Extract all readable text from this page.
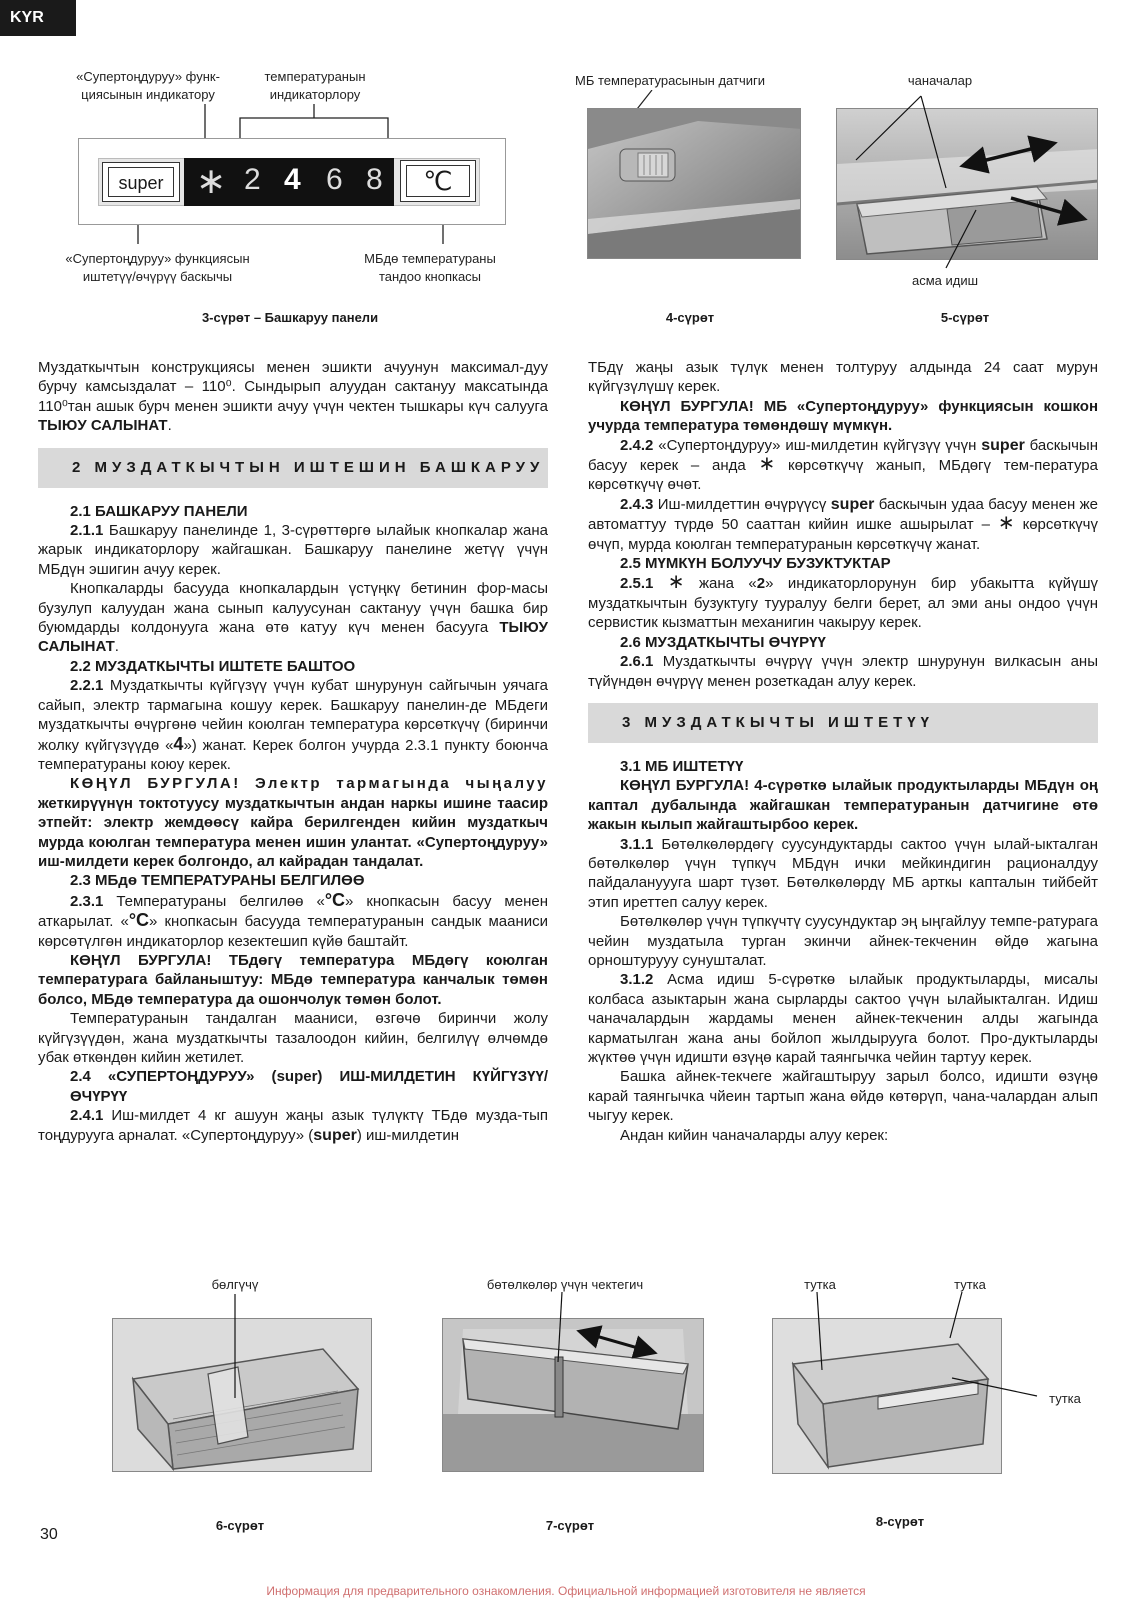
KYR
«Супертоңдуруу» функ-
циясынын индикатору
температуранын
индикаторлору
super ∗ 2 4 6 8	℃
«Супертоңдуруу» функциясын
иштетүү/өчүрүү баскычы
МБдө температураны
тандоо кнопкасы
3-сүрөт – Башкаруу панели
МБ температурасынын датчиги
4-сүрөт
чаначалар
асма идиш
5-сүрөт

Муздаткычтын конструкциясы менен эшикти ачуунун максимал-дуу бурчу камсыздалат – 110⁰. Сындырып алуудан сактануу максатында 110⁰тан ашык бурч менен эшикти ачуу үчүн чектен тышкары күч салууга ТЫЮУ САЛЫНАТ.

2 МУЗДАТКЫЧТЫН ИШТЕШИН БАШКАРУУ

2.1 БАШКАРУУ ПАНЕЛИ

2.1.1 Башкаруу панелинде 1, 3-сүрөттөргө ылайык кнопкалар жана жарык индикаторлору жайгашкан. Башкаруу панелине жетүү үчүн МБдүн эшигин ачуу керек.

Кнопкаларды басууда кнопкалардын үстүңкү бетинин фор-масы бузулуп калуудан жана сынып калуусунан сактануу үчүн башка бир буюмдарды колдонууга жана өтө катуу күч менен басууга ТЫЮУ САЛЫНАТ.

2.2 МУЗДАТКЫЧТЫ ИШТЕТЕ БАШТОО

2.2.1 Муздаткычты күйгүзүү үчүн кубат шнурунун сайгычын уячага сайып, электр тармагына кошуу керек. Башкаруу панелин-де МБдеги муздаткычты өчүргөнө чейин коюлган температура көрсөткүчү (биринчи жолку күйгүзүүдө «4») жанат. Керек болгон учурда 2.3.1 пункту боюнча температураны коюу керек.

КӨҢҮЛ БУРГУЛА! Электр тармагында чыңалуу жеткирүүнүн токтотуусу муздаткычтын андан наркы ишине таасир этпейт: электр жемдөөсү кайра берилгенден кийин муздаткыч мурда коюлган температура менен ишин улантат. «Супертоңдуруу» иш-милдети керек болгондо, ал кайрадан тандалат.

2.3 МБдө ТЕМПЕРАТУРАНЫ БЕЛГИЛӨӨ

2.3.1 Температураны белгилөө «°C» кнопкасын басуу менен аткарылат. «°C» кнопкасын басууда температуранын сандык мааниси көрсөтүлгөн индикаторлор кезектешип күйө баштайт.

КӨҢҮЛ БУРГУЛА! ТБдөгү температура МБдөгү коюлган температурага байланыштуу: МБдө температура канчалык төмөн болсо, МБдө температура да ошончолук төмөн болот.

Температуранын тандалган мааниси, өзгөчө биринчи жолу күйгүзүүдөн, жана муздаткычты тазалоодон кийин, белгилүү өлчөмдө убак өткөндөн кийин жетилет.

2.4 «СУПЕРТОҢДУРУУ» (super) ИШ-МИЛДЕТИН КҮЙГҮЗҮҮ/ ӨЧҮРҮҮ

2.4.1 Иш-милдет 4 кг ашуун жаңы азык түлүктү ТБдө музда-тып тоңдурууга арналат. «Супертоңдуруу» (super) иш-милдетин

ТБдү жаңы азык түлүк менен толтуруу алдында 24 саат мурун күйгүзүлүшү керек.

КӨҢҮЛ БУРГУЛА! МБ «Супертоңдуруу» функциясын кошкон учурда температура төмөндөшү мүмкүн.

2.4.2 «Супертоңдуруу» иш-милдетин күйгүзүү үчүн super баскычын басуу керек – анда ∗ көрсөткүчү жанып, МБдөгү тем-пература көрсөткүчү өчөт.

2.4.3 Иш-милдеттин өчүрүүсү super баскычын удаа басуу менен же автоматтуу түрдө 50 сааттан кийин ишке ашырылат – ∗ көрсөткүчү өчүп, мурда коюлган температуранын көрсөткүчү жанат.

2.5 МҮМКҮН БОЛУУЧУ БУЗУКТУКТАР

2.5.1 ∗ жана «2» индикаторлорунун бир убакытта күйүшү муздаткычтын бузуктугу тууралуу белги берет, ал эми аны ондоо үчүн сервистик кызматтын механигин чакыруу керек.

2.6 МУЗДАТКЫЧТЫ ӨЧҮРҮҮ

2.6.1 Муздаткычты өчүрүү үчүн электр шнурунун вилкасын аны түйүндөн өчүрүү менен розеткадан алуу керек.

3 МУЗДАТКЫЧТЫ ИШТЕТҮҮ

3.1 МБ ИШТЕТҮҮ

КӨҢҮЛ БУРГУЛА! 4-сүрөткө ылайык продуктыларды МБдүн оң каптал дубалында жайгашкан температуранын датчигине өтө жакын кылып жайгаштырбоо керек.

3.1.1 Бөтөлкөлөрдөгү суусундуктарды сактоо үчүн ылай-ыкталган бөтөлкөлөр үчүн түпкүч МБдүн ички мейкиндигин рационалдуу пайдалануууга шарт түзөт. Бөтөлкөлөрдү МБ арткы капталын тийбейт этип иреттеп салуу керек.

Бөтөлкөлөр үчүн түпкүчтү суусундуктар эң ыңгайлуу темпе-ратурага чейин муздатыла турган экинчи айнек-текченин өйдө жагына орноштурууу сунушталат.

3.1.2 Асма идиш 5-сүрөткө ылайык продуктыларды, мисалы колбаса азыктарын жана сырларды сактоо үчүн ылайыкталган. Идиш чаначалардын жардамы менен айнек-текченин алды жагында карматылган жана аны бойлоп жылдырууга болот. Про-дуктыларды жүктөө үчүн идишти өзүңө карай таянгычка чейин тартуу керек.

Башка айнек-текчеге жайгаштыруу зарыл болсо, идишти өзүңө карай таянгычка чйеин тартып жана өйдө көтөрүп, чана-чалардан алып чыгуу керек.

Андан кийин чаначаларды алуу керек:

бөлгүчү
6-сүрөт
бөтөлкөлөр үчүн чектегич
7-сүрөт
тутка	тутка
тутка
8-сүрөт
30
Информация для предварительного ознакомления. Официальной информацией изготовителя не является
